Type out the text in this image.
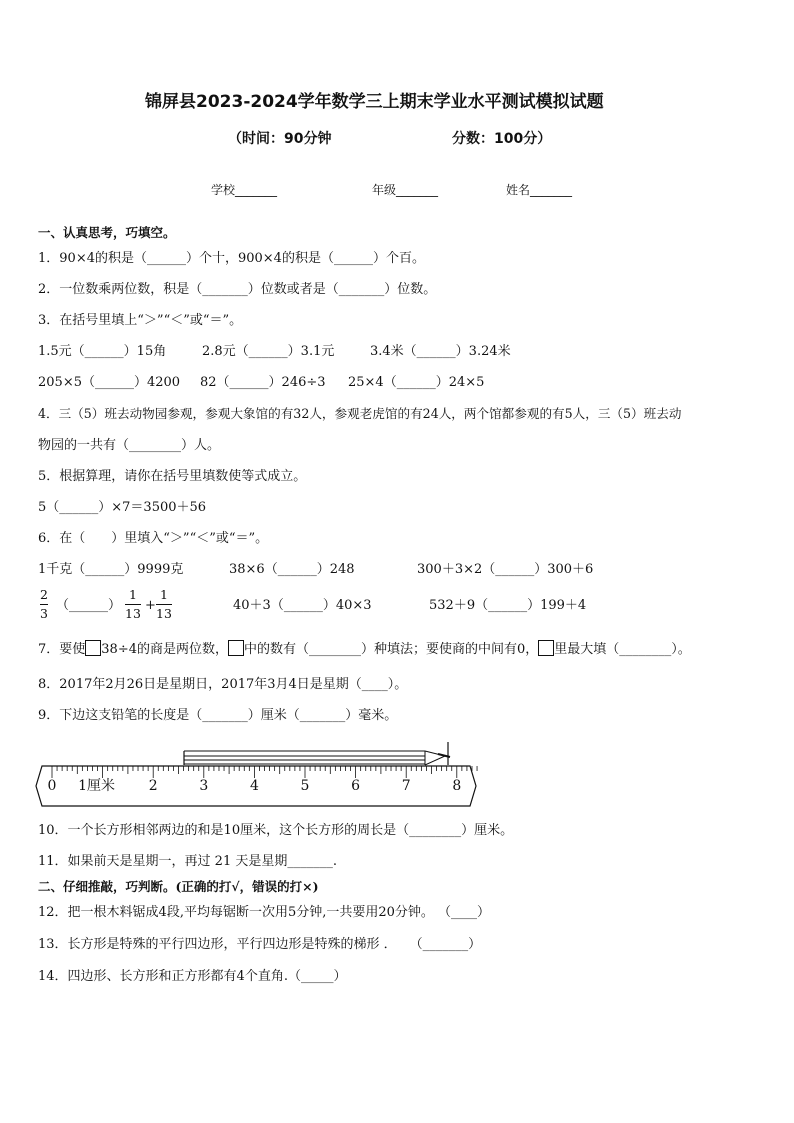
锦屏县2023-2024学年数学三上期末学业水平测试模拟试题
（时间：90分钟	分数：100分）
学校_______	年级_______	姓名_______
一、认真思考，巧填空。
1．90×4的积是（______）个十，900×4的积是（______）个百。
2．一位数乘两位数，积是（_______）位数或者是（_______）位数。
3．在括号里填上“＞”“＜”或“＝”。
1.5元（______）15角	2.8元（______）3.1元	3.4米（______）3.24米
205×5（______）4200 82（______）246÷3 25×4（______）24×5
4．三（5）班去动物园参观，参观大象馆的有32人，参观老虎馆的有24人，两个馆都参观的有5人，三（5）班去动
物园的一共有（________）人。
5．根据算理，请你在括号里填数使等式成立。
5（______）×7＝3500＋56
6．在（　　）里填入“＞”“＜”或“＝”。
1千克（______）9999克	38×6（______）248	300＋3×2（______）300＋6
2
3
（______）
1
13
+
1
13
40＋3（______）40×3	532＋9（______）199＋4
7．要使 38÷4的商是两位数， 中的数有（________）种填法；要使商的中间有0， 里最大填（________）。
8．2017年2月26日是星期日，2017年3月4日是星期（____）。
9．下边这支铅笔的长度是（_______）厘米（_______）毫米。
0 1厘米 2	3	4	5	6	7	8
10．一个长方形相邻两边的和是10厘米，这个长方形的周长是（________）厘米。
11．如果前天是星期一，再过 21 天是星期_______.
二、仔细推敲，巧判断。(正确的打√，错误的打×)
12．把一根木料锯成4段,平均每锯断一次用5分钟,一共要用20分钟。 （____）
13．长方形是特殊的平行四边形，平行四边形是特殊的梯形 ．　　（_______）
14．四边形、长方形和正方形都有4个直角.（_____）
